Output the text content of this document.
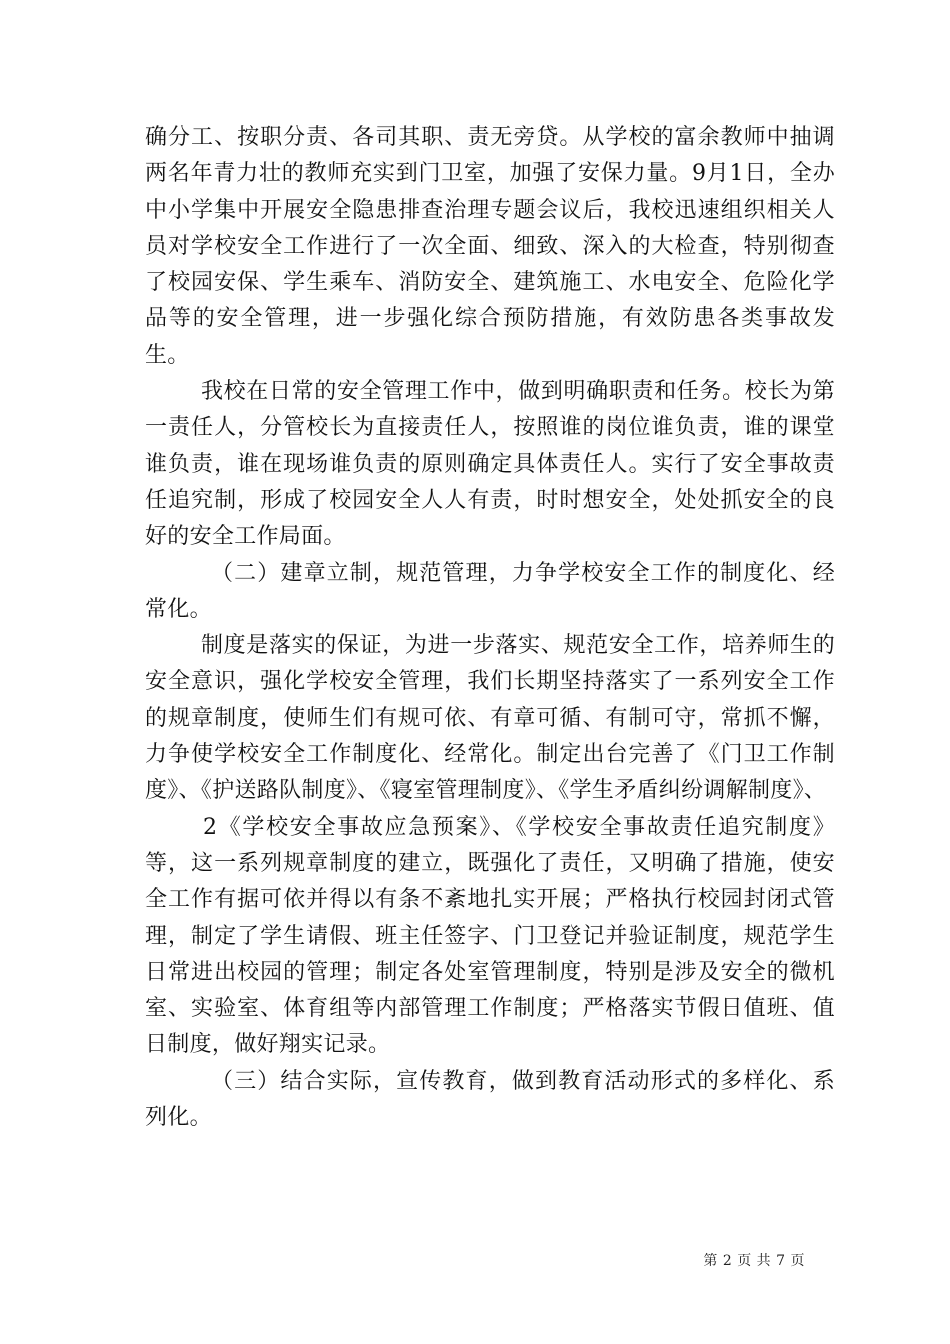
确分工、按职分责、各司其职、责无旁贷。从学校的富余教师中抽调两名年青力壮的教师充实到门卫室，加强了安保力量。9月1日，全办中小学集中开展安全隐患排查治理专题会议后，我校迅速组织相关人员对学校安全工作进行了一次全面、细致、深入的大检查，特别彻查了校园安保、学生乘车、消防安全、建筑施工、水电安全、危险化学品等的安全管理，进一步强化综合预防措施，有效防患各类事故发生。

我校在日常的安全管理工作中，做到明确职责和任务。校长为第一责任人，分管校长为直接责任人，按照谁的岗位谁负责，谁的课堂谁负责，谁在现场谁负责的原则确定具体责任人。实行了安全事故责任追究制，形成了校园安全人人有责，时时想安全，处处抓安全的良好的安全工作局面。

（二）建章立制，规范管理，力争学校安全工作的制度化、经常化。

制度是落实的保证，为进一步落实、规范安全工作，培养师生的安全意识，强化学校安全管理，我们长期坚持落实了一系列安全工作的规章制度，使师生们有规可依、有章可循、有制可守，常抓不懈，力争使学校安全工作制度化、经常化。制定出台完善了《门卫工作制度》、《护送路队制度》、《寝室管理制度》、《学生矛盾纠纷调解制度》、

2《学校安全事故应急预案》、《学校安全事故责任追究制度》等，这一系列规章制度的建立，既强化了责任，又明确了措施，使安全工作有据可依并得以有条不紊地扎实开展；严格执行校园封闭式管理，制定了学生请假、班主任签字、门卫登记并验证制度，规范学生日常进出校园的管理；制定各处室管理制度，特别是涉及安全的微机室、实验室、体育组等内部管理工作制度；严格落实节假日值班、值日制度，做好翔实记录。

（三）结合实际，宣传教育，做到教育活动形式的多样化、系列化。

第 2 页 共 7 页
